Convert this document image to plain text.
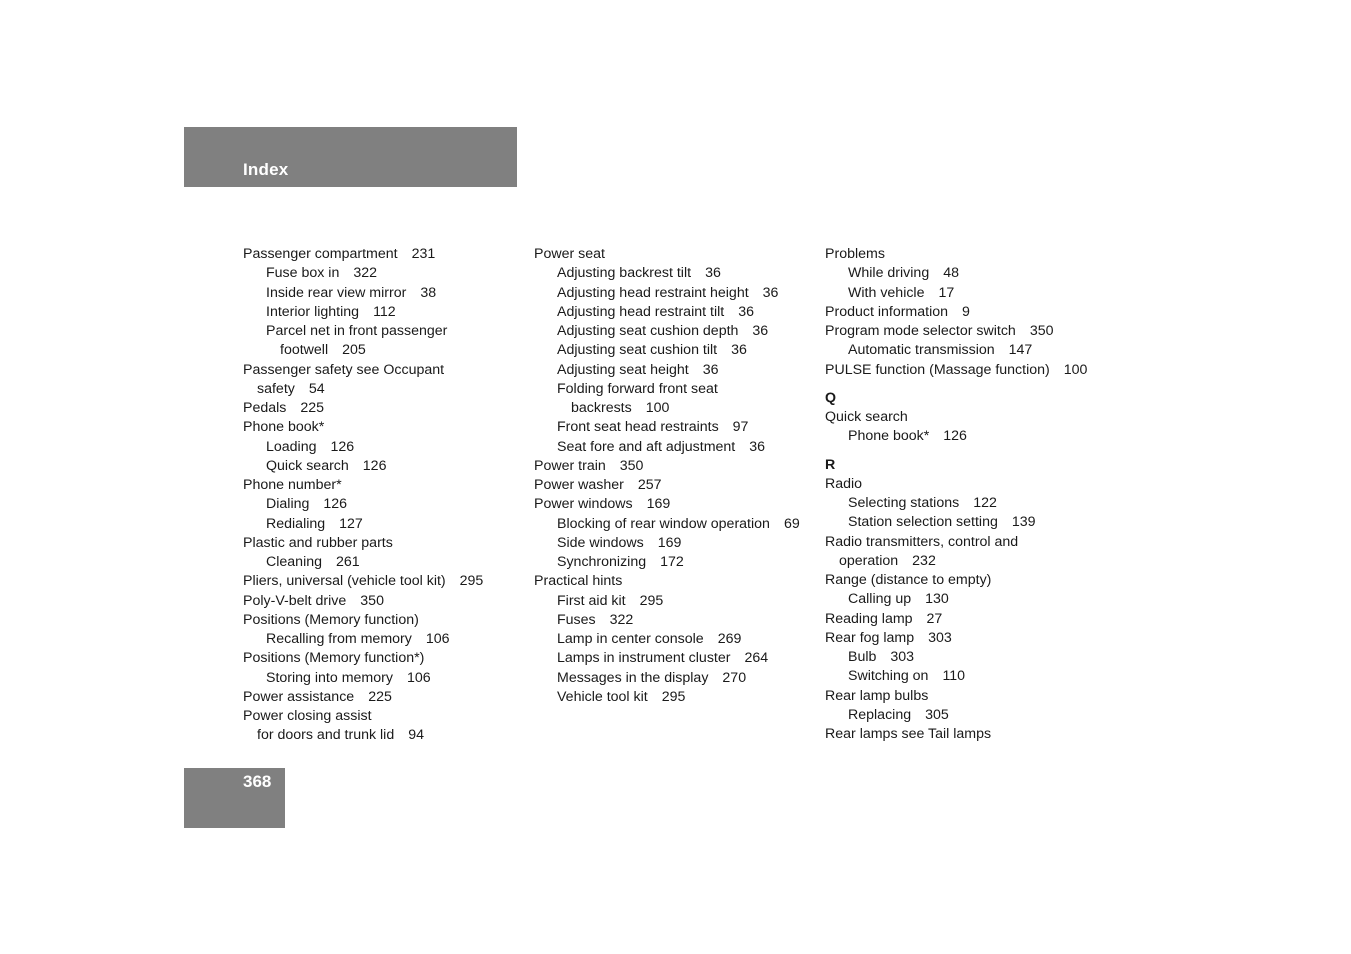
Index
Passenger compartment 231
Fuse box in 322
Inside rear view mirror 38
Interior lighting 112
Parcel net in front passenger
footwell 205
Passenger safety see Occupant
safety 54
Pedals 225
Phone book*
Loading 126
Quick search 126
Phone number*
Dialing 126
Redialing 127
Plastic and rubber parts
Cleaning 261
Pliers, universal (vehicle tool kit) 295
Poly-V-belt drive 350
Positions (Memory function)
Recalling from memory 106
Positions (Memory function*)
Storing into memory 106
Power assistance 225
Power closing assist
for doors and trunk lid 94
Power seat
Adjusting backrest tilt 36
Adjusting head restraint height 36
Adjusting head restraint tilt 36
Adjusting seat cushion depth 36
Adjusting seat cushion tilt 36
Adjusting seat height 36
Folding forward front seat
backrests 100
Front seat head restraints 97
Seat fore and aft adjustment 36
Power train 350
Power washer 257
Power windows 169
Blocking of rear window operation 69
Side windows 169
Synchronizing 172
Practical hints
First aid kit 295
Fuses 322
Lamp in center console 269
Lamps in instrument cluster 264
Messages in the display 270
Vehicle tool kit 295
Problems
While driving 48
With vehicle 17
Product information 9
Program mode selector switch 350
Automatic transmission 147
PULSE function (Massage function) 100
Q
Quick search
Phone book* 126
R
Radio
Selecting stations 122
Station selection setting 139
Radio transmitters, control and
operation 232
Range (distance to empty)
Calling up 130
Reading lamp 27
Rear fog lamp 303
Bulb 303
Switching on 110
Rear lamp bulbs
Replacing 305
Rear lamps see Tail lamps
368
